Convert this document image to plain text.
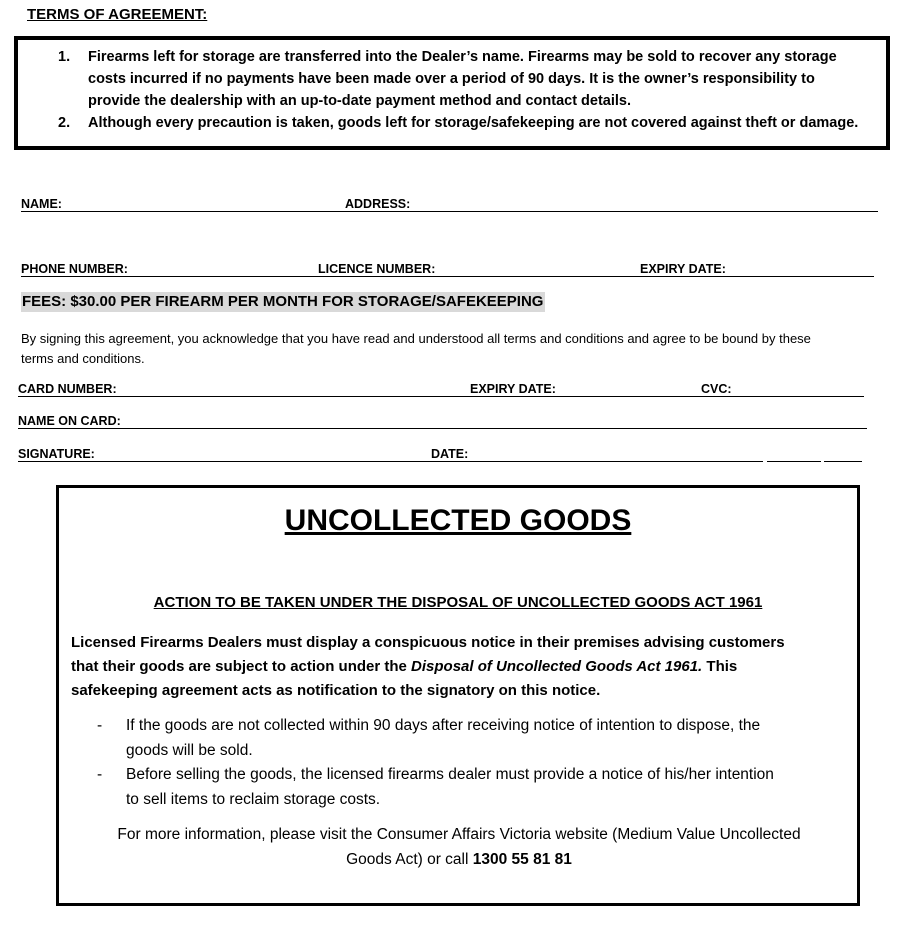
TERMS OF AGREEMENT:
1. Firearms left for storage are transferred into the Dealer’s name. Firearms may be sold to recover any storage
costs incurred if no payments have been made over a period of 90 days. It is the owner’s responsibility to
provide the dealership with an up-to-date payment method and contact details.
2. Although every precaution is taken, goods left for storage/safekeeping are not covered against theft or damage.
NAME:	ADDRESS:
PHONE NUMBER:	LICENCE NUMBER:	EXPIRY DATE:
FEES: $30.00 PER FIREARM PER MONTH FOR STORAGE/SAFEKEEPING
By signing this agreement, you acknowledge that you have read and understood all terms and conditions and agree to be bound by these
terms and conditions.
CARD NUMBER:	EXPIRY DATE:	CVC:
NAME ON CARD:
SIGNATURE:	DATE:
UNCOLLECTED GOODS
ACTION TO BE TAKEN UNDER THE DISPOSAL OF UNCOLLECTED GOODS ACT 1961
Licensed Firearms Dealers must display a conspicuous notice in their premises advising customers
that their goods are subject to action under the Disposal of Uncollected Goods Act 1961. This
safekeeping agreement acts as notification to the signatory on this notice.
- If the goods are not collected within 90 days after receiving notice of intention to dispose, the
goods will be sold.
- Before selling the goods, the licensed firearms dealer must provide a notice of his/her intention
to sell items to reclaim storage costs.
For more information, please visit the Consumer Affairs Victoria website (Medium Value Uncollected
Goods Act) or call 1300 55 81 81
